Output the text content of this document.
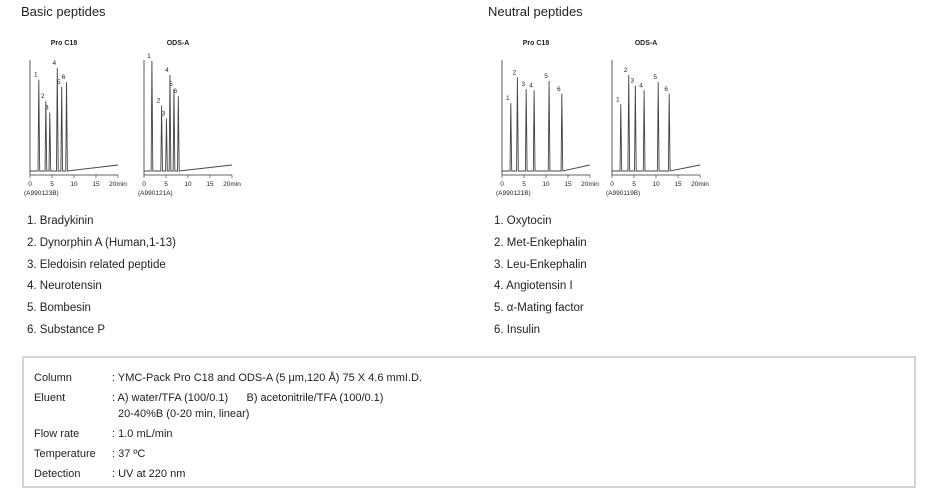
Basic peptides	Neutral peptides
Pro C18
1
2
3
4
5
6
0	5	10 15 20min
(A990123B)
ODS-A
1
2
3
4
5
6
0	5	10 15 20min
(A990121A)
Pro C18
1
2
3 4
5
6
0	5	10 15 20min
(A990121B)
ODS-A
1
2
3
4
5
6
0	5	10 15 20min
(A990119B)
1. Bradykinin
2. Dynorphin A (Human,1-13)
3. Eledoisin related peptide
4. Neurotensin
5. Bombesin
6. Substance P
1. Oxytocin
2. Met-Enkephalin
3. Leu-Enkephalin
4. Angiotensin I
5. α-Mating factor
6. Insulin
Column	: YMC-Pack Pro C18 and ODS-A (5 μm,120 Å) 75 X 4.6 mmI.D.
Eluent	: A) water/TFA (100/0.1)      B) acetonitrile/TFA (100/0.1)
20-40%B (0-20 min, linear)
Flow rate	: 1.0 mL/min
Temperature : 37 ºC
Detection	: UV at 220 nm
